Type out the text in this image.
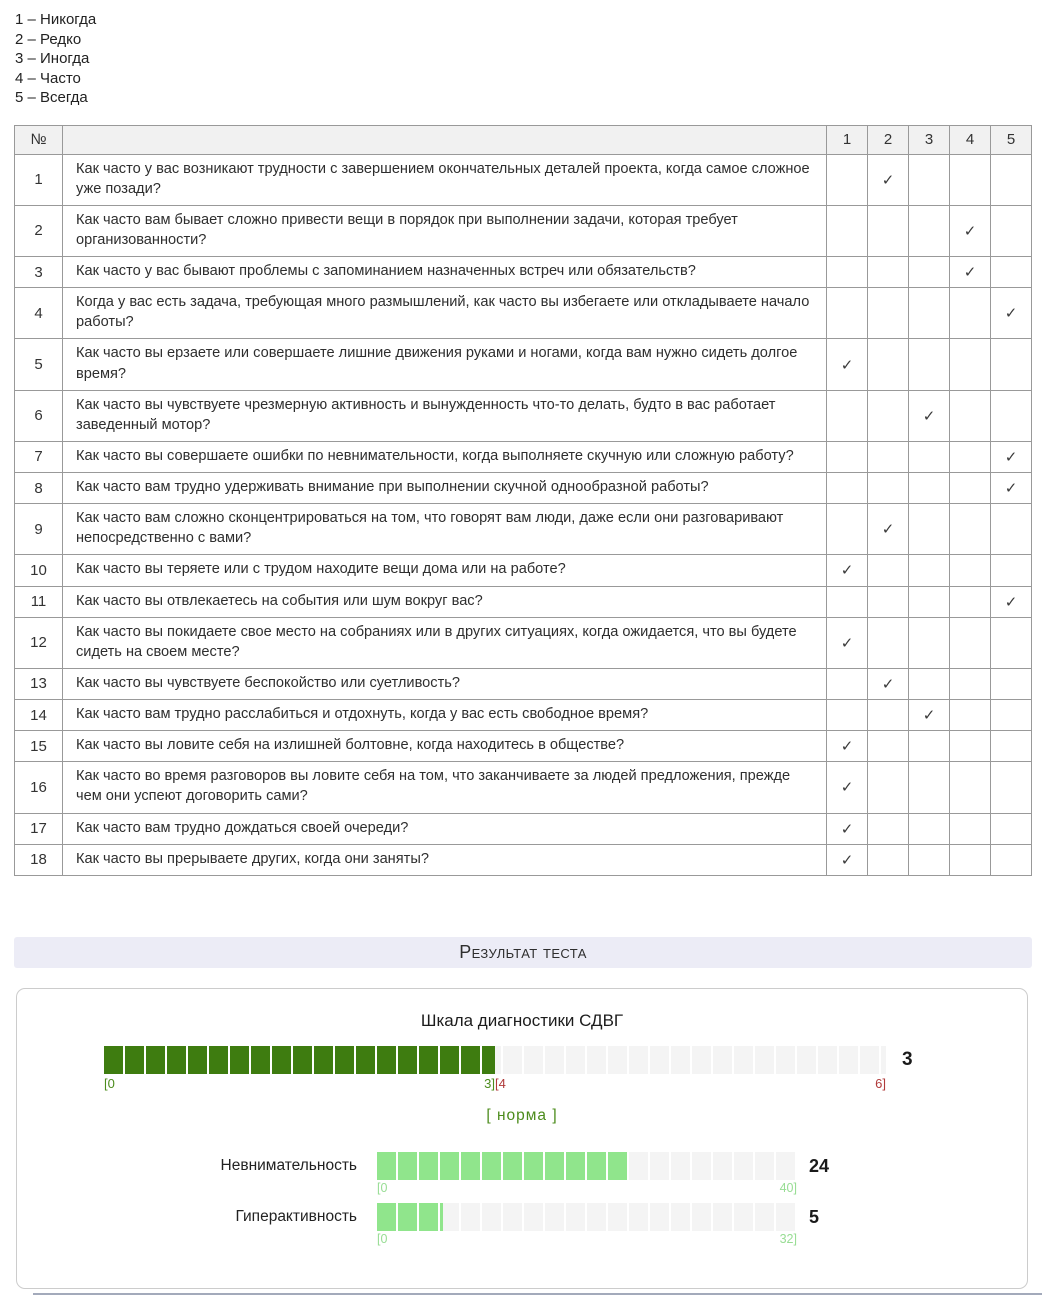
1 – Никогда
2 – Редко
3 – Иногда
4 – Часто
5 – Всегда
№		1	2	3	4	5
1	Как часто у вас возникают трудности с завершением окончательных деталей проекта, когда самое сложное уже позади?		✓			
2	Как часто вам бывает сложно привести вещи в порядок при выполнении задачи, которая требует организованности?				✓	
3	Как часто у вас бывают проблемы с запоминанием назначенных встреч или обязательств?				✓	
4	Когда у вас есть задача, требующая много размышлений, как часто вы избегаете или откладываете начало работы?					✓
5	Как часто вы ерзаете или совершаете лишние движения руками и ногами, когда вам нужно сидеть долгое время?	✓				
6	Как часто вы чувствуете чрезмерную активность и вынужденность что-то делать, будто в вас работает заведенный мотор?			✓		
7	Как часто вы совершаете ошибки по невнимательности, когда выполняете скучную или сложную работу?					✓
8	Как часто вам трудно удерживать внимание при выполнении скучной однообразной работы?					✓
9	Как часто вам сложно сконцентрироваться на том, что говорят вам люди, даже если они разговаривают непосредственно с вами?		✓			
10	Как часто вы теряете или с трудом находите вещи дома или на работе?	✓				
11	Как часто вы отвлекаетесь на события или шум вокруг вас?					✓
12	Как часто вы покидаете свое место на собраниях или в других ситуациях, когда ожидается, что вы будете сидеть на своем месте?	✓				
13	Как часто вы чувствуете беспокойство или суетливость?		✓			
14	Как часто вам трудно расслабиться и отдохнуть, когда у вас есть свободное время?			✓		
15	Как часто вы ловите себя на излишней болтовне, когда находитесь в обществе?	✓				
16	Как часто во время разговоров вы ловите себя на том, что заканчиваете за людей предложения, прежде чем они успеют договорить сами?	✓				
17	Как часто вам трудно дождаться своей очереди?	✓				
18	Как часто вы прерываете других, когда они заняты?	✓				
Результат теста
Шкала диагностики СДВГ
[0	3][4	6]
3
[ норма ]
Невнимательность
[0	40]
24
Гиперактивность
[0	32]
5
